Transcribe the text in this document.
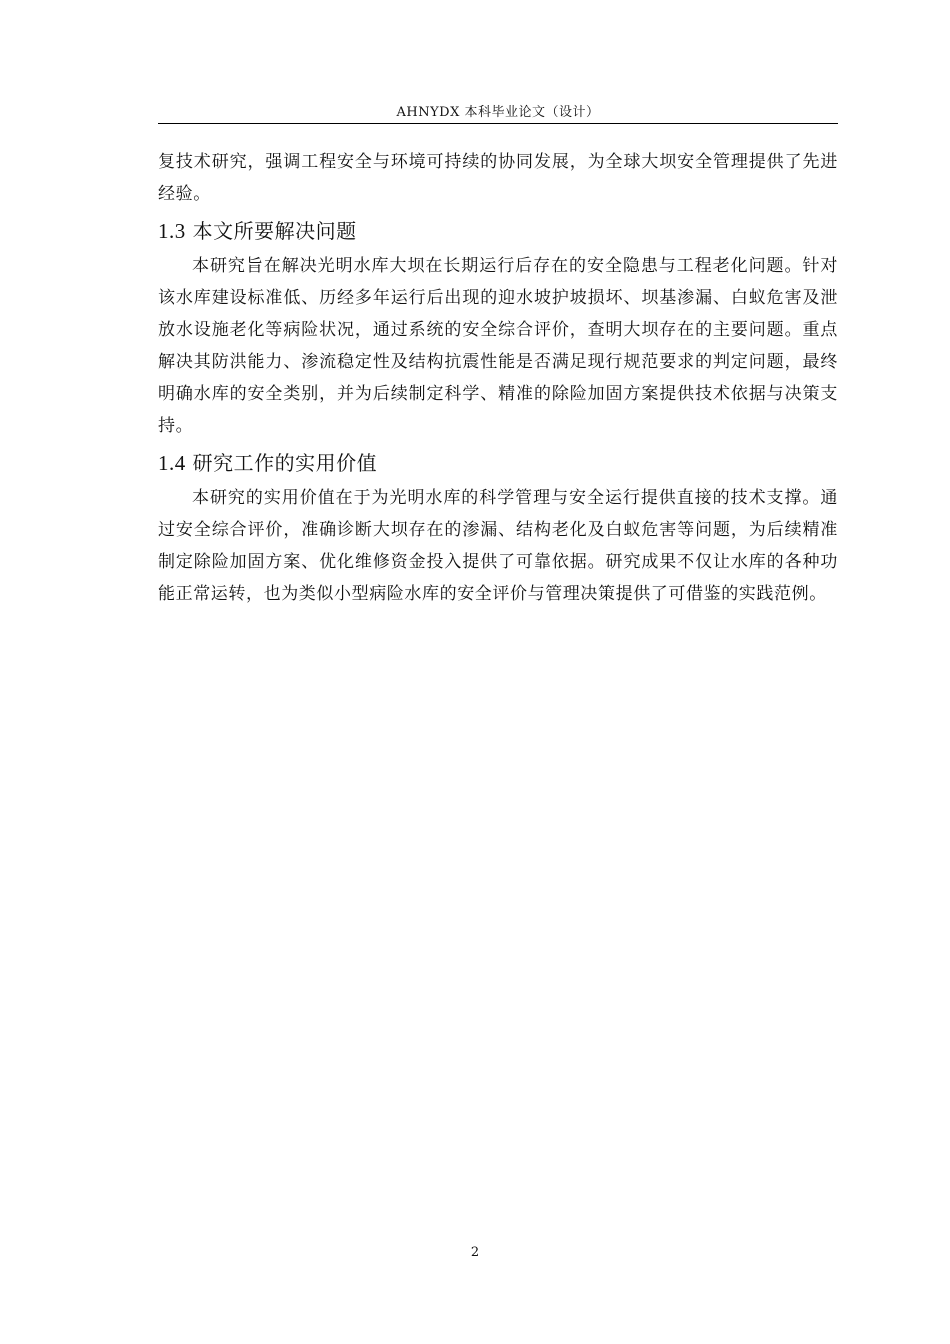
AHNYDX 本科毕业论文（设计）

复技术研究，强调工程安全与环境可持续的协同发展，为全球大坝安全管理提供了先进经验。

1.3 本文所要解决问题

本研究旨在解决光明水库大坝在长期运行后存在的安全隐患与工程老化问题。针对该水库建设标准低、历经多年运行后出现的迎水坡护坡损坏、坝基渗漏、白蚁危害及泄放水设施老化等病险状况，通过系统的安全综合评价，查明大坝存在的主要问题。重点解决其防洪能力、渗流稳定性及结构抗震性能是否满足现行规范要求的判定问题，最终明确水库的安全类别，并为后续制定科学、精准的除险加固方案提供技术依据与决策支持。

1.4 研究工作的实用价值

本研究的实用价值在于为光明水库的科学管理与安全运行提供直接的技术支撑。通过安全综合评价，准确诊断大坝存在的渗漏、结构老化及白蚁危害等问题，为后续精准制定除险加固方案、优化维修资金投入提供了可靠依据。研究成果不仅让水库的各种功能正常运转，也为类似小型病险水库的安全评价与管理决策提供了可借鉴的实践范例。

2
